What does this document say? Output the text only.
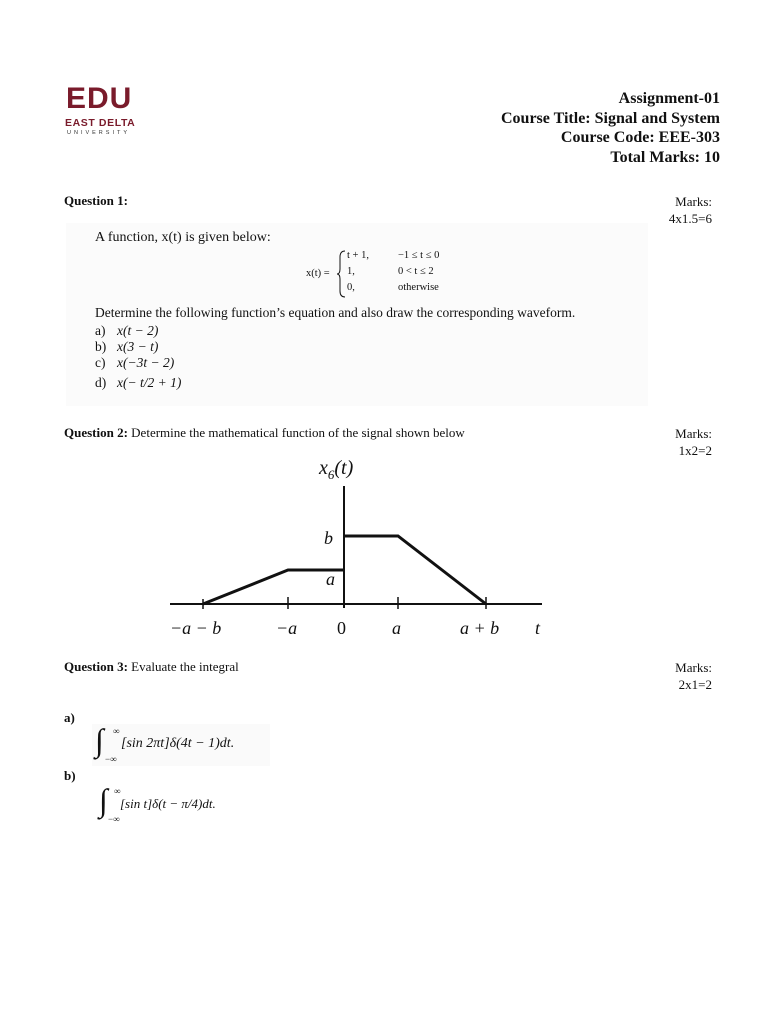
EDU
EAST DELTA
UNIVERSITY
Assignment-01
Course Title: Signal and System
Course Code: EEE-303
Total Marks: 10
Question 1:	Marks:
4x1.5=6
A function, x(t) is given below:
x(t) =
t + 1,	−1 ≤ t ≤ 0
1,	0 < t ≤ 2
0,	otherwise
Determine the following function’s equation and also draw the corresponding waveform.
a) x(t − 2)
b) x(3 − t)
c) x(−3t − 2)
d) x(− t/2 + 1)
Question 2: Determine the mathematical function of the signal shown below	Marks:
1x2=2
$x_6(t)$
b
a
−a − b	−a 0	a	a + b t
Question 3: Evaluate the integral	Marks:
2x1=2
a)
∫ ∞
−∞
[sin 2πt]δ(4t − 1)dt.
b)
∫ ∞
−∞
[sin t]δ(t − π/4)dt.
